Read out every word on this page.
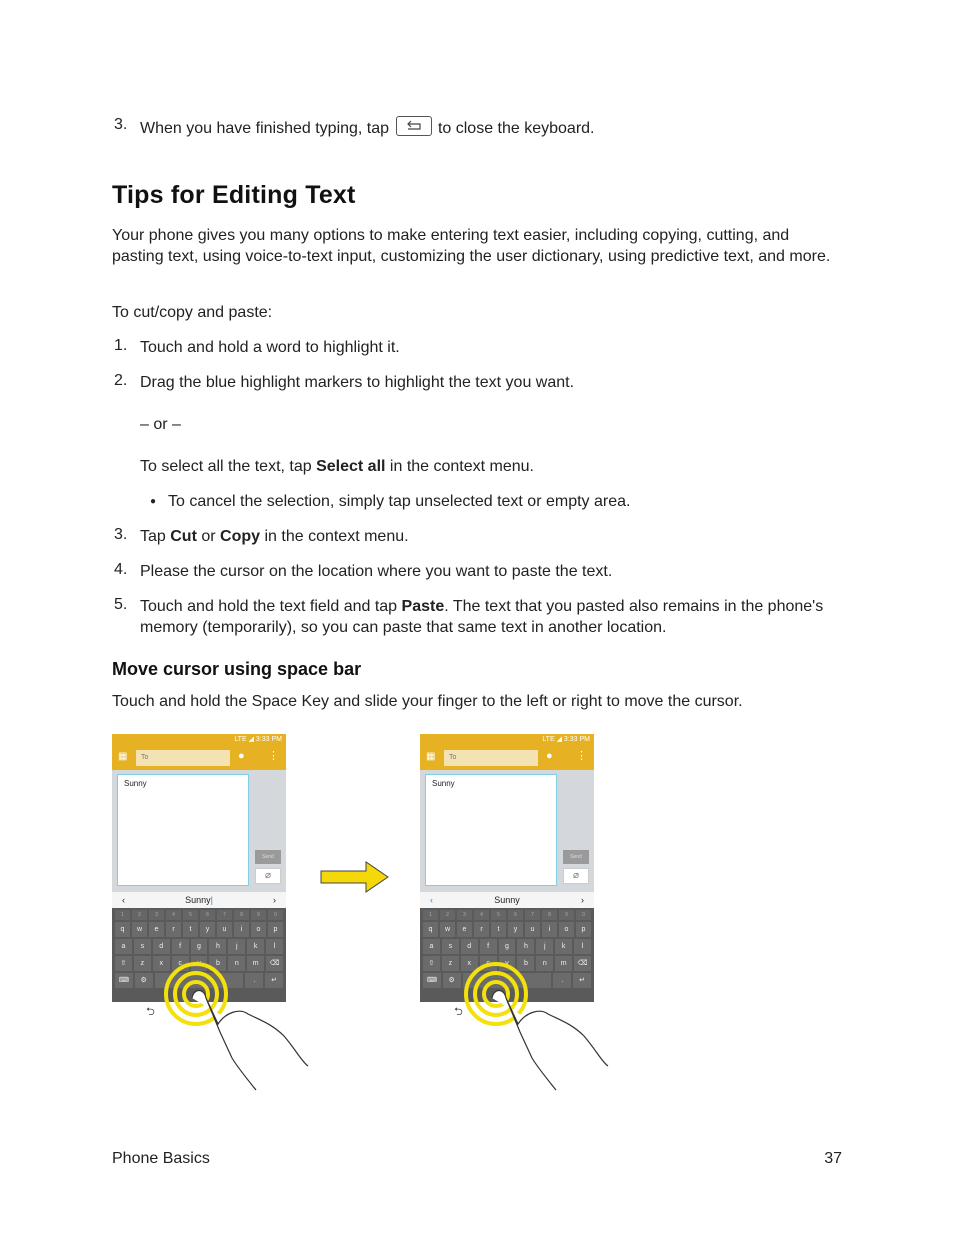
3. When you have finished typing, tap	to close the keyboard.
Tips for Editing Text

Your phone gives you many options to make entering text easier, including copying, cutting, and pasting text, using voice-to-text input, customizing the user dictionary, using predictive text, and more.

To cut/copy and paste:

1. Touch and hold a word to highlight it.
2. Drag the blue highlight markers to highlight the text you want.
– or –
To select all the text, tap Select all in the context menu.
● To cancel the selection, simply tap unselected text or empty area.
3. Tap Cut or Copy in the context menu.
4. Please the cursor on the location where you want to paste the text.
5. Touch and hold the text field and tap Paste. The text that you pasted also remains in the phone's memory (temporarily), so you can paste that same text in another location.
Move cursor using space bar

Touch and hold the Space Key and slide your finger to the left or right to move the cursor.

LTE ◢ 3:33 PM
▦	To	● ⋮
Sunny
Send
⌀
‹	Sunny|	›
1	2	3	4	5	6	7	8	9	0
q	w	e	r	t	y	u	i	o	p
a	s	d	f	g	h	j	k	l
⇧	z	x	c	v	b	n	m	⌫
⌨	⚙	.	↵
⮌
LTE ◢ 3:33 PM
▦	To	● ⋮
Sunny
Send
⌀
‹	Sunny	›
1	2	3	4	5	6	7	8	9	0
q	w	e	r	t	y	u	i	o	p
a	s	d	f	g	h	j	k	l
⇧	z	x	c	v	b	n	m	⌫
⌨	⚙	.	↵
⮌
Phone Basics	37
